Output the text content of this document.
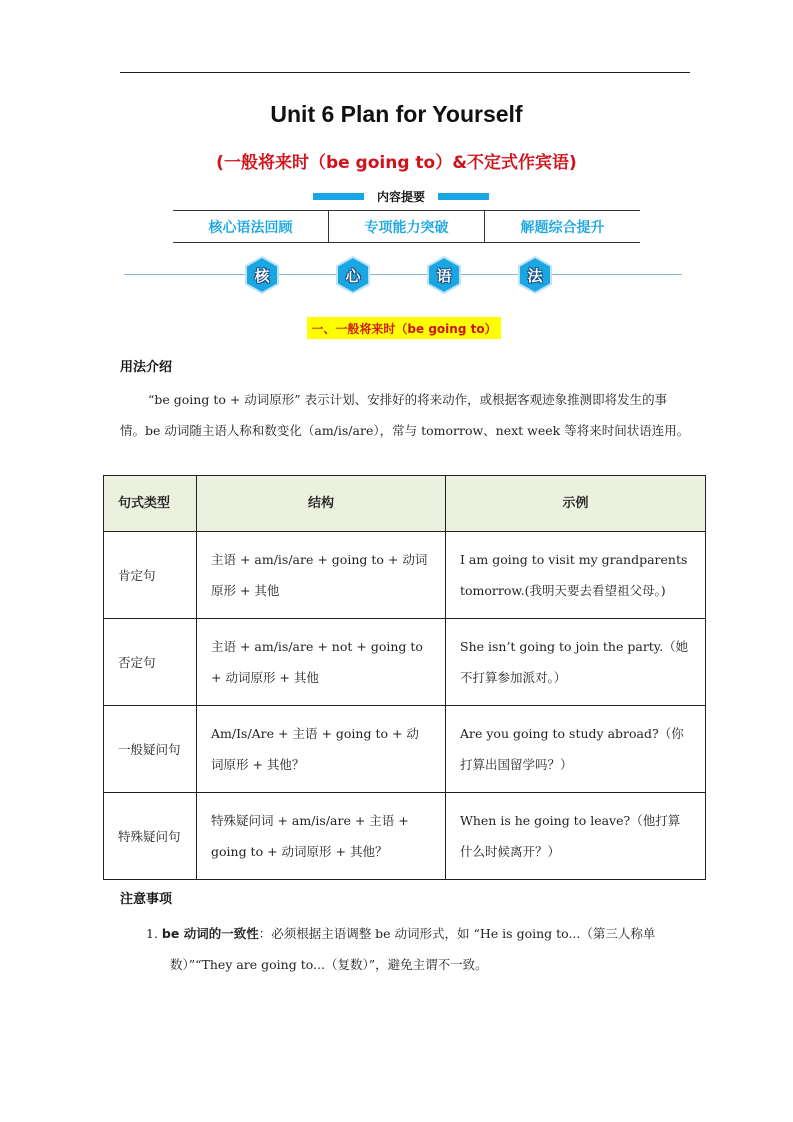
Unit 6 Plan for Yourself
(一般将来时（be going to）&不定式作宾语)
内容提要
核心语法回顾	专项能力突破	解题综合提升
核	心	语	法
一、一般将来时（be going to）
用法介绍
“be going to + 动词原形” 表示计划、安排好的将来动作，或根据客观迹象推测即将发生的事情。be 动词随主语人称和数变化（am/is/are），常与 tomorrow、next week 等将来时间状语连用。
句式类型	结构	示例
肯定句	主语 + am/is/are + going to + 动词原形 + 其他	I am going to visit my grandparents tomorrow.(我明天要去看望祖父母。)
否定句	主语 + am/is/are + not + going to + 动词原形 + 其他	She isn’t going to join the party.（她不打算参加派对。）
一般疑问句	Am/Is/Are + 主语 + going to + 动词原形 + 其他？	Are you going to study abroad?（你打算出国留学吗？）
特殊疑问句	特殊疑问词 + am/is/are + 主语 + going to + 动词原形 + 其他？	When is he going to leave?（他打算什么时候离开？）
注意事项
1. be 动词的一致性：必须根据主语调整 be 动词形式，如 “He is going to...（第三人称单
数）”“They are going to...（复数）”，避免主谓不一致。
